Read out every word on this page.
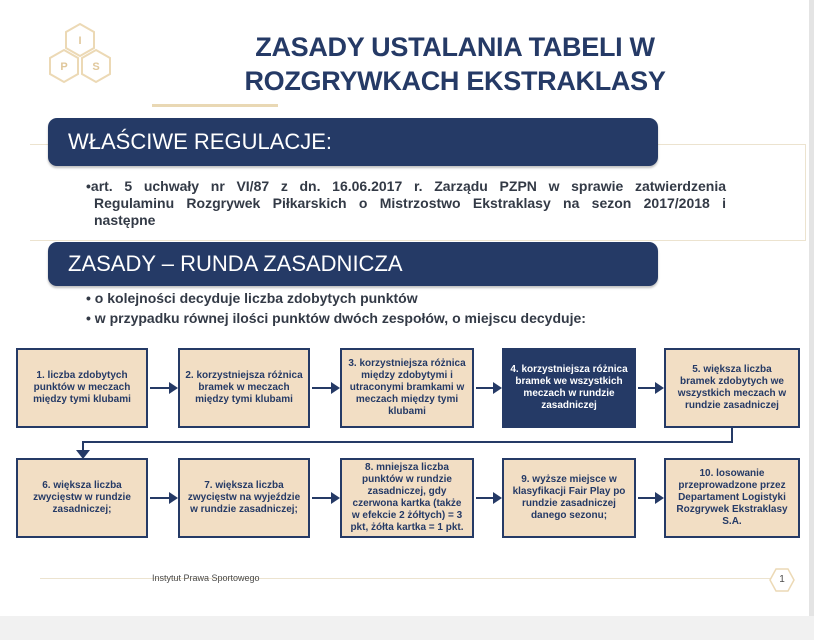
I
P S
ZASADY USTALANIA TABELI W
ROZGRYWKACH EKSTRAKLASY
WŁAŚCIWE REGULACJE:
•art. 5 uchwały nr VI/87 z dn. 16.06.2017 r. Zarządu PZPN w sprawie zatwierdzenia
Regulaminu Rozgrywek Piłkarskich o Mistrzostwo Ekstraklasy na sezon 2017/2018 i
następne
ZASADY – RUNDA ZASADNICZA
• o kolejności decyduje liczba zdobytych punktów
• w przypadku równej ilości punktów dwóch zespołów, o miejscu decyduje:
1. liczba zdobytych
punktów w meczach
między tymi klubami
2. korzystniejsza różnica
bramek w meczach
między tymi klubami
3. korzystniejsza różnica
między zdobytymi i
utraconymi bramkami w
meczach między tymi
klubami
4. korzystniejsza różnica
bramek we wszystkich
meczach w rundzie
zasadniczej
5. większa liczba
bramek zdobytych we
wszystkich meczach w
rundzie zasadniczej
6. większa liczba
zwycięstw w rundzie
zasadniczej;
7. większa liczba
zwycięstw na wyjeździe
w rundzie zasadniczej;
8. mniejsza liczba
punktów w rundzie
zasadniczej, gdy
czerwona kartka (także
w efekcie 2 żółtych) = 3
pkt, żółta kartka = 1 pkt.
9. wyższe miejsce w
klasyfikacji Fair Play po
rundzie zasadniczej
danego sezonu;
10. losowanie
przeprowadzone przez
Departament Logistyki
Rozgrywek Ekstraklasy
S.A.
Instytut Prawa Sportowego	1
